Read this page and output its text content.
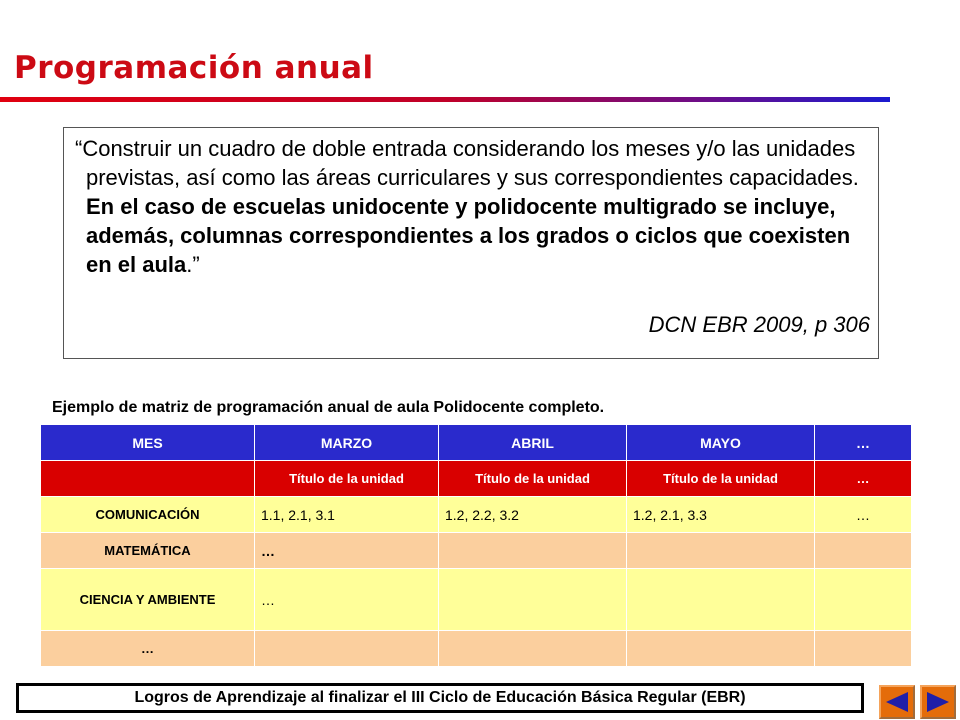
Programación anual
“Construir un cuadro de doble entrada considerando los meses y/o las unidades previstas, así como las áreas curriculares y sus correspondientes capacidades. En el caso de escuelas unidocente y polidocente multigrado se incluye, además, columnas correspondientes a los grados o ciclos que coexisten en el aula.”
DCN EBR 2009, p 306
Ejemplo de matriz de programación anual de aula Polidocente completo.
MES	MARZO	ABRIL	MAYO	…
	Título de la unidad	Título de la unidad	Título de la unidad	…
COMUNICACIÓN	1.1, 2.1, 3.1	1.2, 2.2, 3.2	1.2, 2.1, 3.3	…
MATEMÁTICA	…			
CIENCIA Y AMBIENTE	…			
…				
Logros de Aprendizaje al finalizar el III Ciclo de Educación Básica Regular (EBR)
